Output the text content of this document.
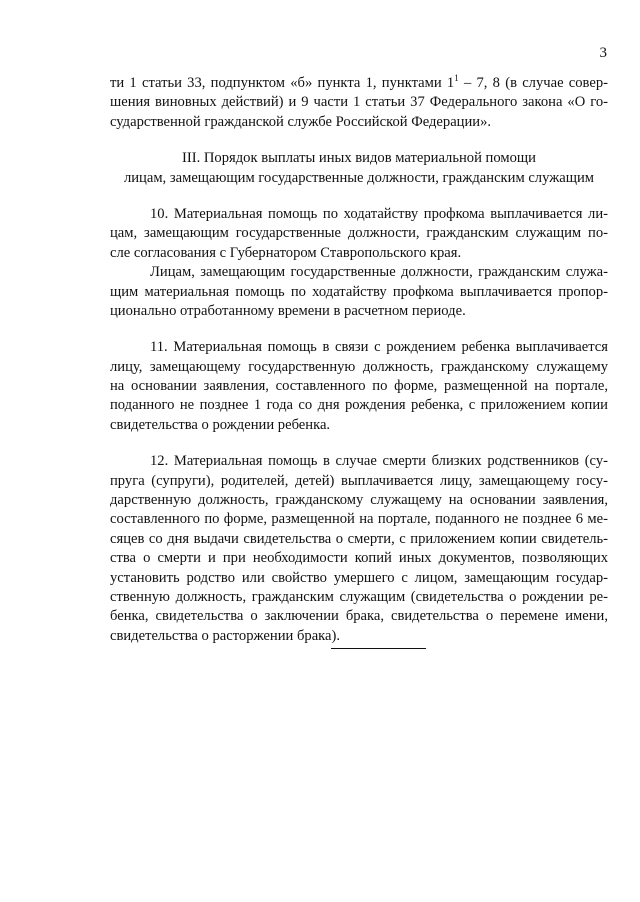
3
ти 1 статьи 33, подпунктом «б» пункта 1, пунктами $1^1 - 7$, 8 (в случае совер-
шения виновных действий) и 9 части 1 статьи 37 Федерального закона «О го-
сударственной гражданской службе Российской Федерации».
III. Порядок выплаты иных видов материальной помощи
лицам, замещающим государственные должности, гражданским служащим
10. Материальная помощь по ходатайству профкома выплачивается ли-
цам, замещающим государственные должности, гражданским служащим по-
сле согласования с Губернатором Ставропольского края.
Лицам, замещающим государственные должности, гражданским служа-
щим материальная помощь по ходатайству профкома выплачивается пропор-
ционально отработанному времени в расчетном периоде.
11. Материальная помощь в связи с рождением ребенка выплачивается
лицу, замещающему государственную должность, гражданскому служащему
на основании заявления, составленного по форме, размещенной на портале,
поданного не позднее 1 года со дня рождения ребенка, с приложением копии
свидетельства о рождении ребенка.
12. Материальная помощь в случае смерти близких родственников (су-
пруга (супруги), родителей, детей) выплачивается лицу, замещающему госу-
дарственную должность, гражданскому служащему на основании заявления,
составленного по форме, размещенной на портале, поданного не позднее 6 ме-
сяцев со дня выдачи свидетельства о смерти, с приложением копии свидетель-
ства о смерти и при необходимости копий иных документов, позволяющих
установить родство или свойство умершего с лицом, замещающим государ-
ственную должность, гражданским служащим (свидетельства о рождении ре-
бенка, свидетельства о заключении брака, свидетельства о перемене имени,
свидетельства о расторжении брака).
